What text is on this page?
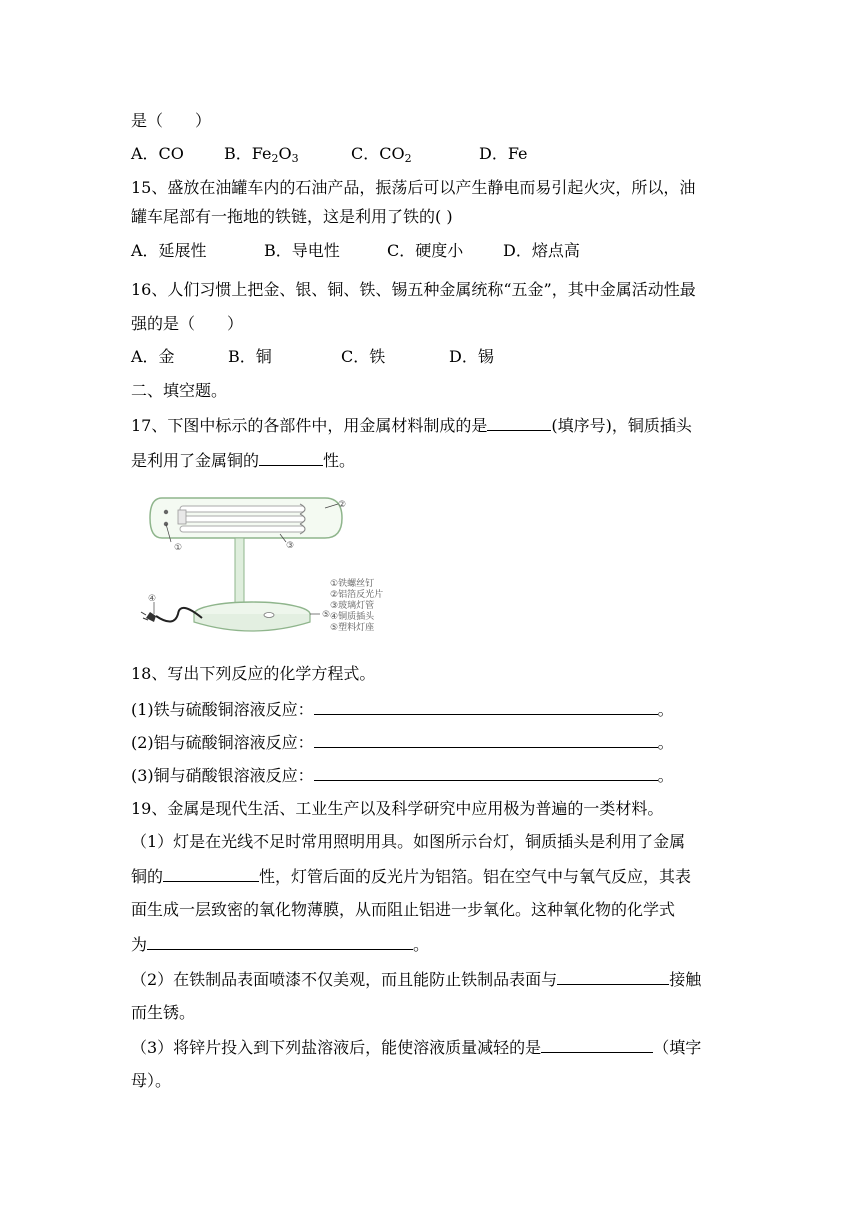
是（　　）
A．CO	B．$Fe_2O_3$	C．$CO_2$	D．Fe
15、盛放在油罐车内的石油产品，振荡后可以产生静电而易引起火灾，所以，油
罐车尾部有一拖地的铁链，这是利用了铁的( )
A．延展性	B．导电性	C．硬度小 D．熔点高
16、人们习惯上把金、银、铜、铁、锡五种金属统称“五金”，其中金属活动性最
强的是（　　）
A．金	B．铜	C．铁	D．锡
二、填空题。
17、下图中标示的各部件中，用金属材料制成的是	(填序号)，铜质插头
是利用了金属铜的	性。
①
②
③
④
⑤
①铁螺丝钉
②铝箔反光片
③玻璃灯管
④铜质插头
⑤塑料灯座
18、写出下列反应的化学方程式。
(1)铁与硫酸铜溶液反应：	。
(2)铝与硫酸铜溶液反应：	。
(3)铜与硝酸银溶液反应：	。
19、金属是现代生活、工业生产以及科学研究中应用极为普遍的一类材料。
（1）灯是在光线不足时常用照明用具。如图所示台灯，铜质插头是利用了金属
铜的	性，灯管后面的反光片为铝箔。铝在空气中与氧气反应，其表
面生成一层致密的氧化物薄膜，从而阻止铝进一步氧化。这种氧化物的化学式
为	。
（2）在铁制品表面喷漆不仅美观，而且能防止铁制品表面与	接触
而生锈。
（3）将锌片投入到下列盐溶液后，能使溶液质量减轻的是	（填字
母）。
